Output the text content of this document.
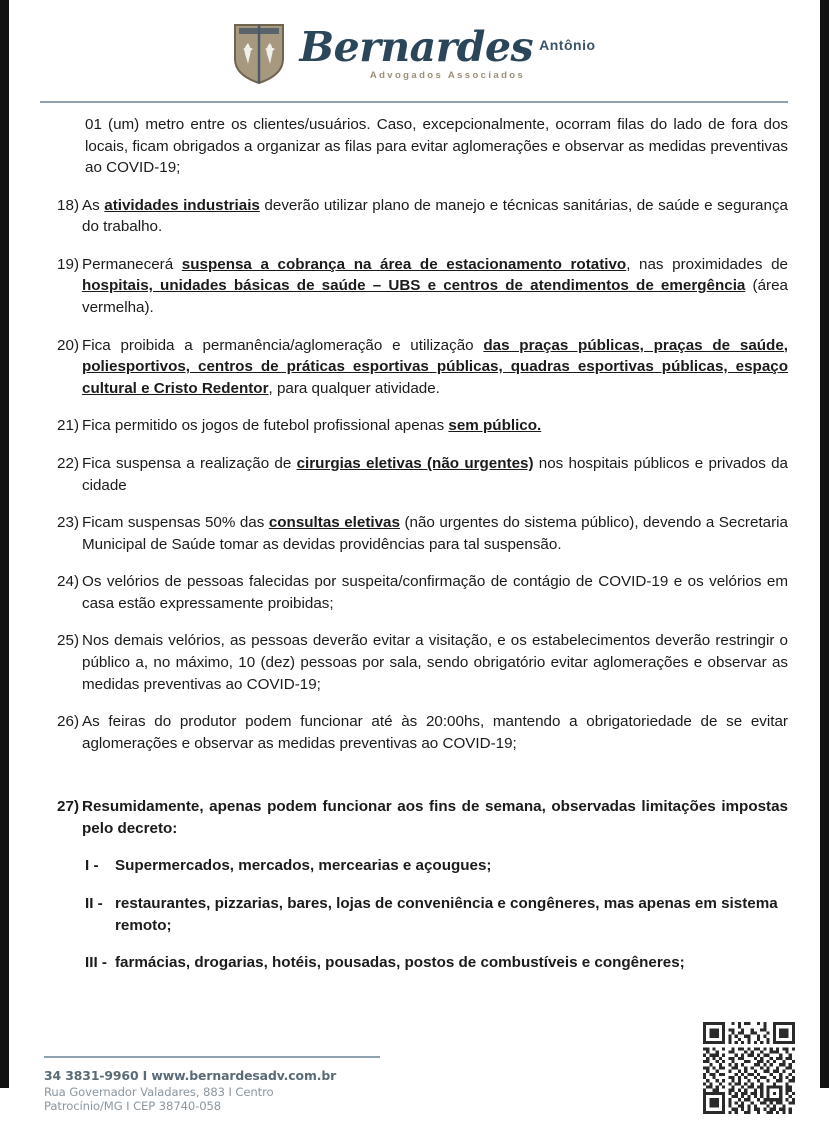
Bernardes Antônio
Advogados Associados
01 (um) metro entre os clientes/usuários. Caso, excepcionalmente, ocorram filas do lado de fora dos locais, ficam obrigados a organizar as filas para evitar aglomerações e observar as medidas preventivas ao COVID-19;
18) As atividades industriais deverão utilizar plano de manejo e técnicas sanitárias, de saúde e segurança do trabalho.
19) Permanecerá suspensa a cobrança na área de estacionamento rotativo, nas proximidades de hospitais, unidades básicas de saúde – UBS e centros de atendimentos de emergência (área vermelha).
20) Fica proibida a permanência/aglomeração e utilização das praças públicas, praças de saúde, poliesportivos, centros de práticas esportivas públicas, quadras esportivas públicas, espaço cultural e Cristo Redentor, para qualquer atividade.
21) Fica permitido os jogos de futebol profissional apenas sem público.
22) Fica suspensa a realização de cirurgias eletivas (não urgentes) nos hospitais públicos e privados da cidade
23) Ficam suspensas 50% das consultas eletivas (não urgentes do sistema público), devendo a Secretaria Municipal de Saúde tomar as devidas providências para tal suspensão.
24) Os velórios de pessoas falecidas por suspeita/confirmação de contágio de COVID-19 e os velórios em casa estão expressamente proibidas;
25) Nos demais velórios, as pessoas deverão evitar a visitação, e os estabelecimentos deverão restringir o público a, no máximo, 10 (dez) pessoas por sala, sendo obrigatório evitar aglomerações e observar as medidas preventivas ao COVID-19;
26) As feiras do produtor podem funcionar até às 20:00hs, mantendo a obrigatoriedade de se evitar aglomerações e observar as medidas preventivas ao COVID-19;
27) Resumidamente, apenas podem funcionar aos fins de semana, observadas limitações impostas pelo decreto:
I -	Supermercados, mercados, mercearias e açougues;
II - restaurantes, pizzarias, bares, lojas de conveniência e congêneres, mas apenas em sistema remoto;
III - farmácias, drogarias, hotéis, pousadas, postos de combustíveis e congêneres;
34 3831-9960 I www.bernardesadv.com.br
Rua Governador Valadares, 883 I Centro
Patrocínio/MG I CEP 38740-058
